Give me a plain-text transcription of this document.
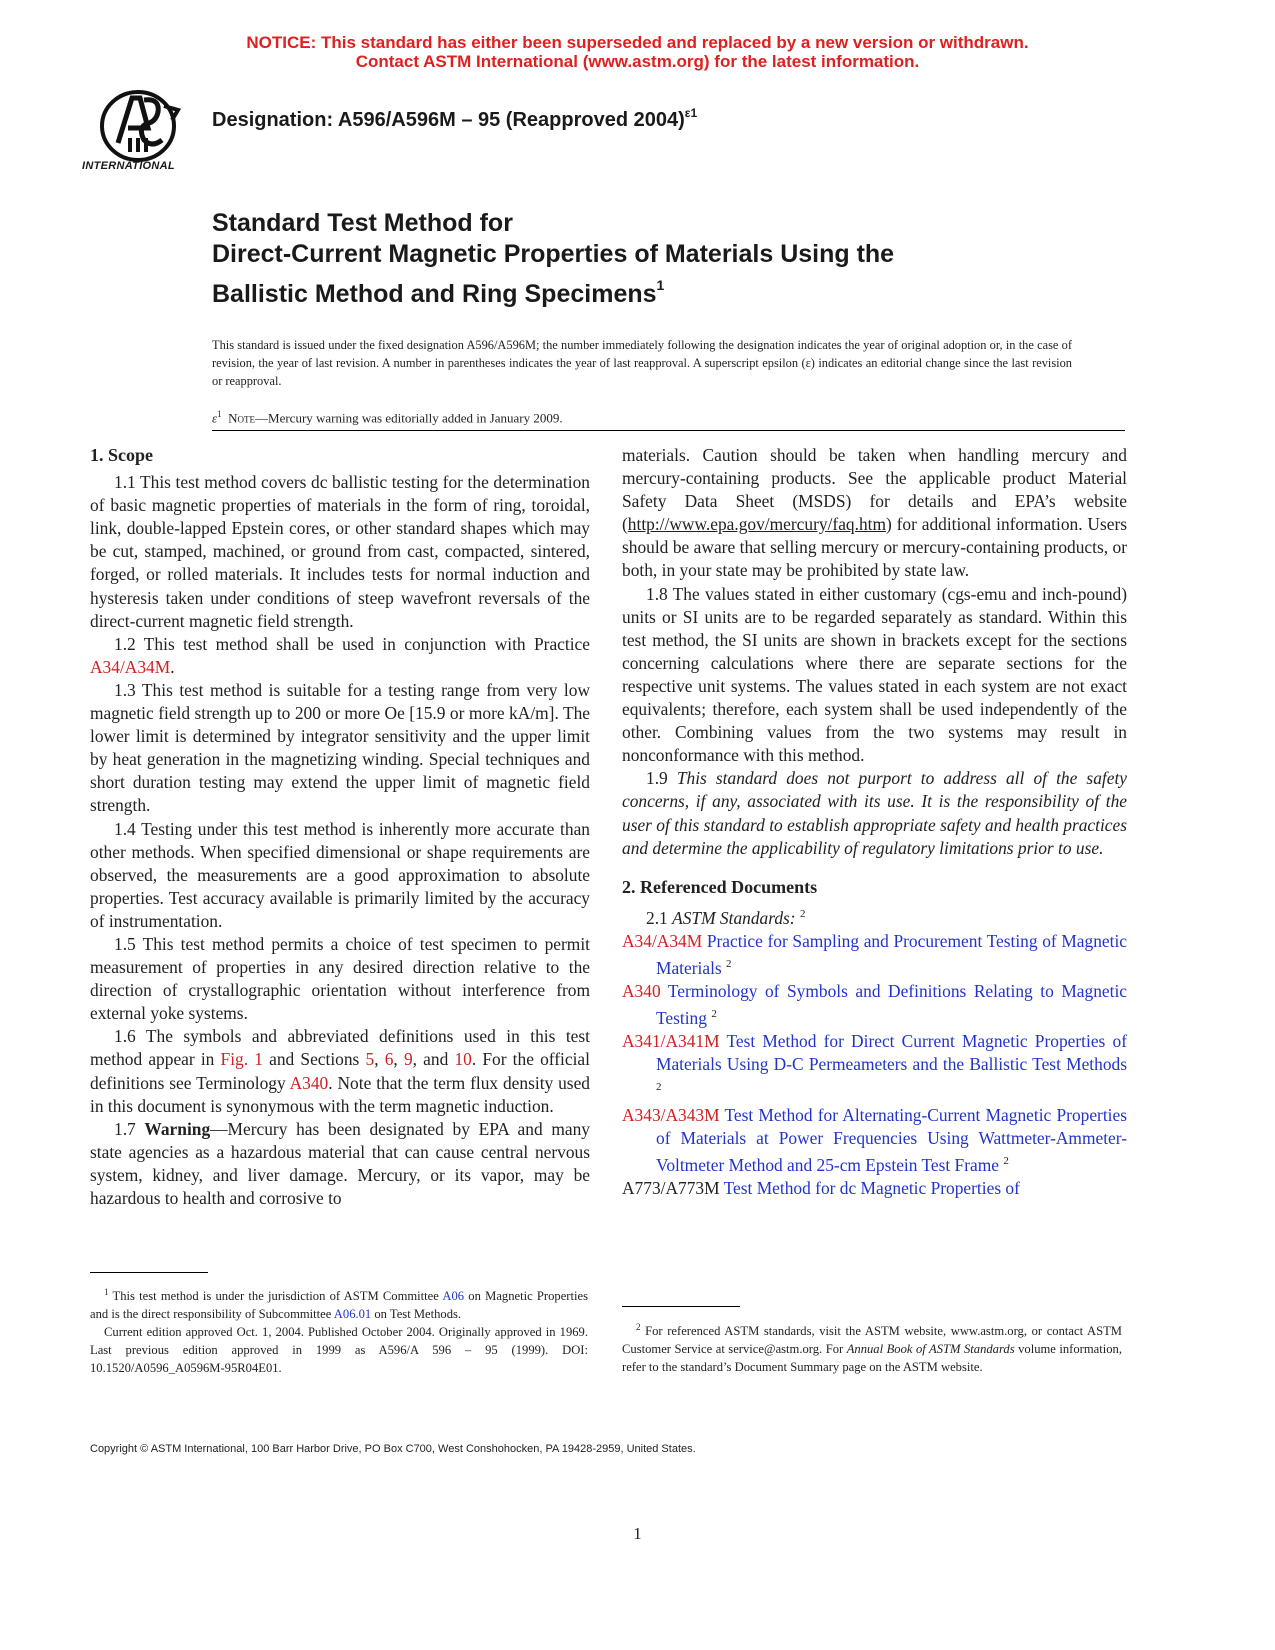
NOTICE: This standard has either been superseded and replaced by a new version or withdrawn.
Contact ASTM International (www.astm.org) for the latest information.
INTERNATIONAL
Designation: A596/A596M – 95 (Reapproved 2004)$^{\varepsilon 1}$
Standard Test Method for
Direct-Current Magnetic Properties of Materials Using the
Ballistic Method and Ring Specimens$^1$
This standard is issued under the fixed designation A596/A596M; the number immediately following the designation indicates the year of original adoption or, in the case of revision, the year of last revision. A number in parentheses indicates the year of last reapproval. A superscript epsilon (ε) indicates an editorial change since the last revision or reapproval.
$\varepsilon^1$ Note—Mercury warning was editorially added in January 2009.

1. Scope

1.1 This test method covers dc ballistic testing for the determination of basic magnetic properties of materials in the form of ring, toroidal, link, double-lapped Epstein cores, or other standard shapes which may be cut, stamped, machined, or ground from cast, compacted, sintered, forged, or rolled materials. It includes tests for normal induction and hysteresis taken under conditions of steep wavefront reversals of the direct-current magnetic field strength.

1.2 This test method shall be used in conjunction with Practice A34/A34M.

1.3 This test method is suitable for a testing range from very low magnetic field strength up to 200 or more Oe [15.9 or more kA/m]. The lower limit is determined by integrator sensitivity and the upper limit by heat generation in the magnetizing winding. Special techniques and short duration testing may extend the upper limit of magnetic field strength.

1.4 Testing under this test method is inherently more accurate than other methods. When specified dimensional or shape requirements are observed, the measurements are a good approximation to absolute properties. Test accuracy available is primarily limited by the accuracy of instrumentation.

1.5 This test method permits a choice of test specimen to permit measurement of properties in any desired direction relative to the direction of crystallographic orientation without interference from external yoke systems.

1.6 The symbols and abbreviated definitions used in this test method appear in Fig. 1 and Sections 5, 6, 9, and 10. For the official definitions see Terminology A340. Note that the term flux density used in this document is synonymous with the term magnetic induction.

1.7 Warning—Mercury has been designated by EPA and many state agencies as a hazardous material that can cause central nervous system, kidney, and liver damage. Mercury, or its vapor, may be hazardous to health and corrosive to

$^1$ This test method is under the jurisdiction of ASTM Committee A06 on Magnetic Properties and is the direct responsibility of Subcommittee A06.01 on Test Methods.

Current edition approved Oct. 1, 2004. Published October 2004. Originally approved in 1969. Last previous edition approved in 1999 as A596/A 596 – 95 (1999). DOI: 10.1520/A0596_A0596M-95R04E01.

materials. Caution should be taken when handling mercury and mercury-containing products. See the applicable product Material Safety Data Sheet (MSDS) for details and EPA’s website (http://www.epa.gov/mercury/faq.htm) for additional information. Users should be aware that selling mercury or mercury-containing products, or both, in your state may be prohibited by state law.

1.8 The values stated in either customary (cgs-emu and inch-pound) units or SI units are to be regarded separately as standard. Within this test method, the SI units are shown in brackets except for the sections concerning calculations where there are separate sections for the respective unit systems. The values stated in each system are not exact equivalents; therefore, each system shall be used independently of the other. Combining values from the two systems may result in nonconformance with this method.

1.9 This standard does not purport to address all of the safety concerns, if any, associated with its use. It is the responsibility of the user of this standard to establish appropriate safety and health practices and determine the applicability of regulatory limitations prior to use.

2. Referenced Documents

2.1 ASTM Standards: $^2$

A34/A34M Practice for Sampling and Procurement Testing of Magnetic Materials $^2$

A340 Terminology of Symbols and Definitions Relating to Magnetic Testing $^2$

A341/A341M Test Method for Direct Current Magnetic Properties of Materials Using D-C Permeameters and the Ballistic Test Methods $^2$

A343/A343M Test Method for Alternating-Current Magnetic Properties of Materials at Power Frequencies Using Wattmeter-Ammeter-Voltmeter Method and 25-cm Epstein Test Frame $^2$

A773/A773M Test Method for dc Magnetic Properties of

$^2$ For referenced ASTM standards, visit the ASTM website, www.astm.org, or contact ASTM Customer Service at service@astm.org. For Annual Book of ASTM Standards volume information, refer to the standard’s Document Summary page on the ASTM website.

Copyright © ASTM International, 100 Barr Harbor Drive, PO Box C700, West Conshohocken, PA 19428-2959, United States.
1
